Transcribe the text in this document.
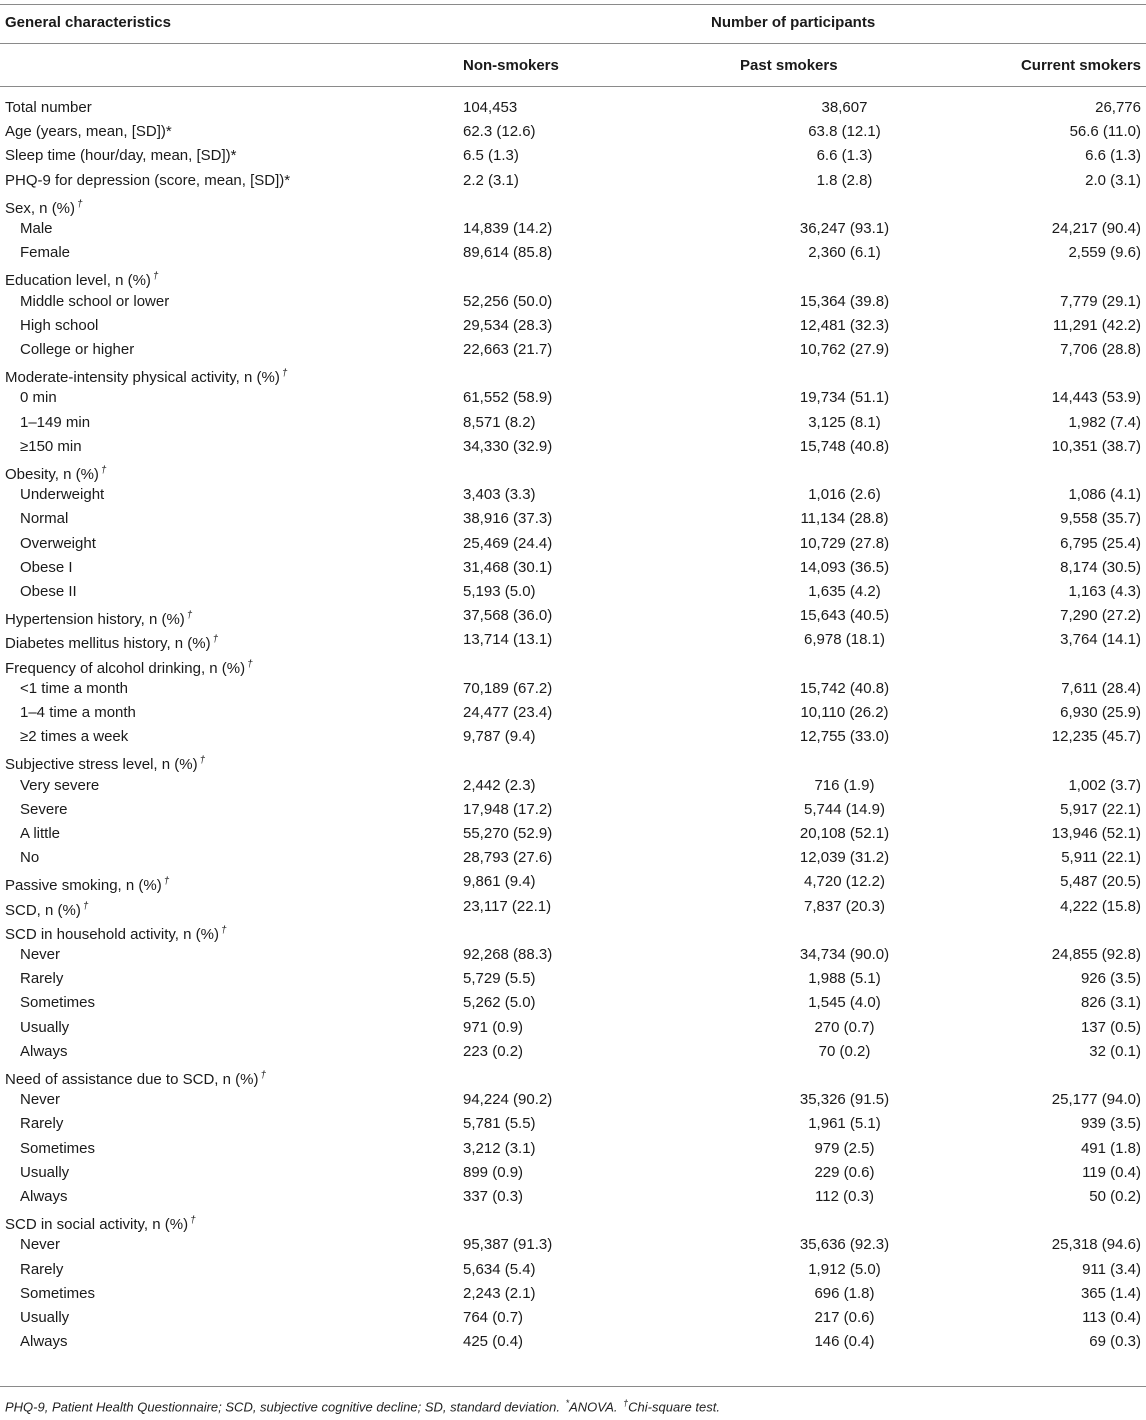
General characteristics	Number of participants
Non-smokers	Past smokers	Current smokers
Total number	104,453	38,607	26,776
Age (years, mean, [SD])*	62.3 (12.6)	63.8 (12.1)	56.6 (11.0)
Sleep time (hour/day, mean, [SD])*	6.5 (1.3)	6.6 (1.3)	6.6 (1.3)
PHQ-9 for depression (score, mean, [SD])*	2.2 (3.1)	1.8 (2.8)	2.0 (3.1)
Sex, n (%) †
Male	14,839 (14.2)	36,247 (93.1)	24,217 (90.4)
Female	89,614 (85.8)	2,360 (6.1)	2,559 (9.6)
Education level, n (%) †
Middle school or lower	52,256 (50.0)	15,364 (39.8)	7,779 (29.1)
High school	29,534 (28.3)	12,481 (32.3)	11,291 (42.2)
College or higher	22,663 (21.7)	10,762 (27.9)	7,706 (28.8)
Moderate-intensity physical activity, n (%) †
0 min	61,552 (58.9)	19,734 (51.1)	14,443 (53.9)
1–149 min	8,571 (8.2)	3,125 (8.1)	1,982 (7.4)
≥150 min	34,330 (32.9)	15,748 (40.8)	10,351 (38.7)
Obesity, n (%) †
Underweight	3,403 (3.3)	1,016 (2.6)	1,086 (4.1)
Normal	38,916 (37.3)	11,134 (28.8)	9,558 (35.7)
Overweight	25,469 (24.4)	10,729 (27.8)	6,795 (25.4)
Obese I	31,468 (30.1)	14,093 (36.5)	8,174 (30.5)
Obese II	5,193 (5.0)	1,635 (4.2)	1,163 (4.3)
Hypertension history, n (%) †	37,568 (36.0)	15,643 (40.5)	7,290 (27.2)
Diabetes mellitus history, n (%) †	13,714 (13.1)	6,978 (18.1)	3,764 (14.1)
Frequency of alcohol drinking, n (%) †
<1 time a month	70,189 (67.2)	15,742 (40.8)	7,611 (28.4)
1–4 time a month	24,477 (23.4)	10,110 (26.2)	6,930 (25.9)
≥2 times a week	9,787 (9.4)	12,755 (33.0)	12,235 (45.7)
Subjective stress level, n (%) †
Very severe	2,442 (2.3)	716 (1.9)	1,002 (3.7)
Severe	17,948 (17.2)	5,744 (14.9)	5,917 (22.1)
A little	55,270 (52.9)	20,108 (52.1)	13,946 (52.1)
No	28,793 (27.6)	12,039 (31.2)	5,911 (22.1)
Passive smoking, n (%) †	9,861 (9.4)	4,720 (12.2)	5,487 (20.5)
SCD, n (%) †	23,117 (22.1)	7,837 (20.3)	4,222 (15.8)
SCD in household activity, n (%) †
Never	92,268 (88.3)	34,734 (90.0)	24,855 (92.8)
Rarely	5,729 (5.5)	1,988 (5.1)	926 (3.5)
Sometimes	5,262 (5.0)	1,545 (4.0)	826 (3.1)
Usually	971 (0.9)	270 (0.7)	137 (0.5)
Always	223 (0.2)	70 (0.2)	32 (0.1)
Need of assistance due to SCD, n (%) †
Never	94,224 (90.2)	35,326 (91.5)	25,177 (94.0)
Rarely	5,781 (5.5)	1,961 (5.1)	939 (3.5)
Sometimes	3,212 (3.1)	979 (2.5)	491 (1.8)
Usually	899 (0.9)	229 (0.6)	119 (0.4)
Always	337 (0.3)	112 (0.3)	50 (0.2)
SCD in social activity, n (%) †
Never	95,387 (91.3)	35,636 (92.3)	25,318 (94.6)
Rarely	5,634 (5.4)	1,912 (5.0)	911 (3.4)
Sometimes	2,243 (2.1)	696 (1.8)	365 (1.4)
Usually	764 (0.7)	217 (0.6)	113 (0.4)
Always	425 (0.4)	146 (0.4)	69 (0.3)
PHQ-9, Patient Health Questionnaire; SCD, subjective cognitive decline; SD, standard deviation. *ANOVA. †Chi-square test.
